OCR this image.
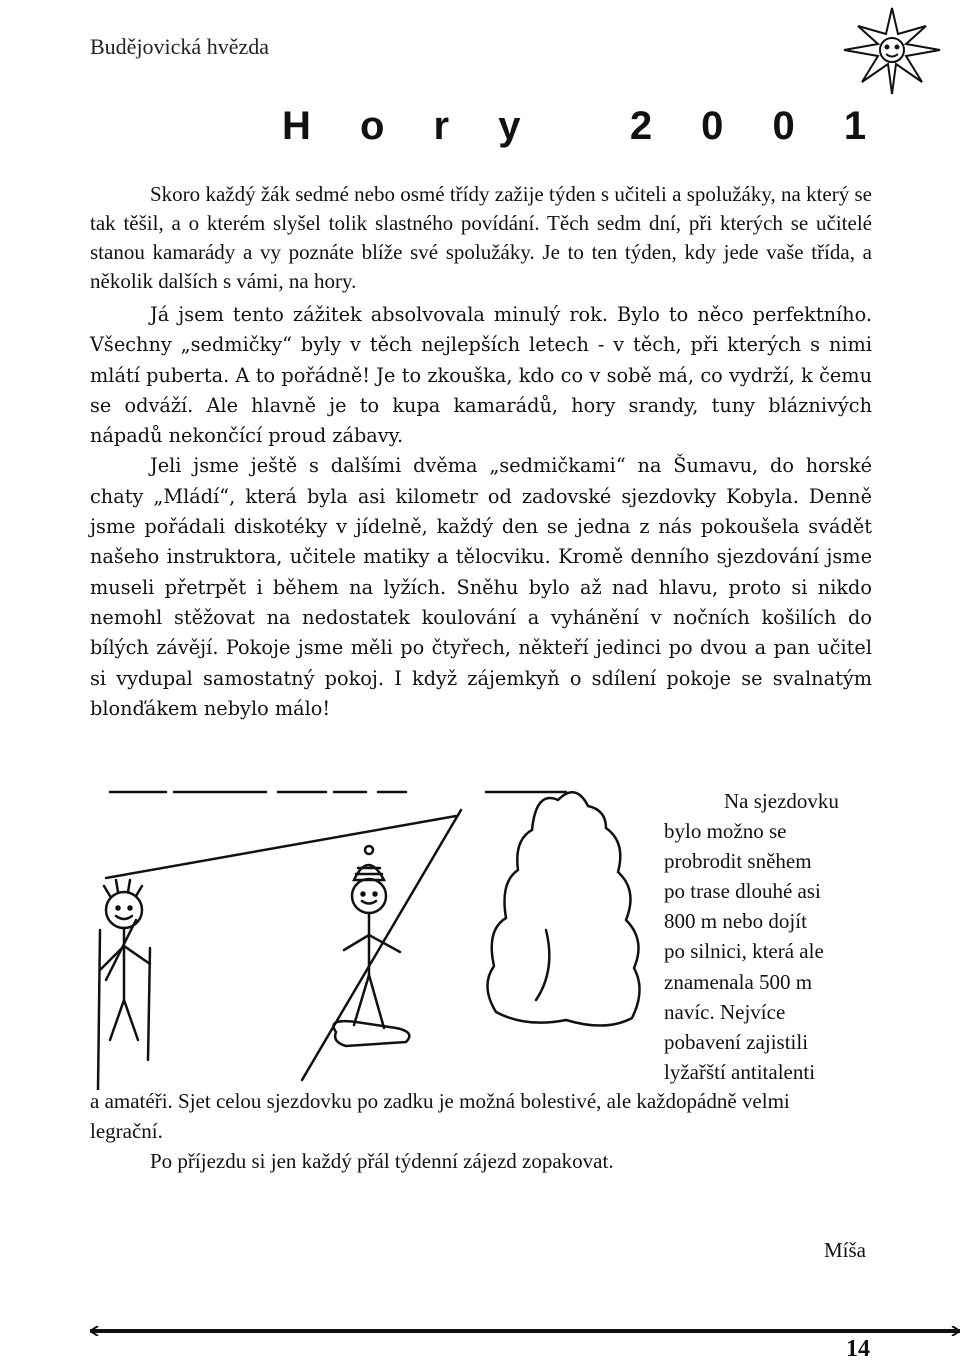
Budějovická hvězda
H o r y   2 0 0 1

Skoro každý žák sedmé nebo osmé třídy zažije týden s učiteli a spolužáky, na který se tak těšil, a o kterém slyšel tolik slastného povídání. Těch sedm dní, při kterých se učitelé stanou kamarády a vy poznáte blíže své spolužáky. Je to ten týden, kdy jede vaše třída, a několik dalších s vámi, na hory.

Já jsem tento zážitek absolvovala minulý rok. Bylo to něco perfektního. Všechny „sedmičky“ byly v těch nejlepších letech - v těch, při kterých s nimi mlátí puberta. A to pořádně! Je to zkouška, kdo co v sobě má, co vydrží, k čemu se odváží. Ale hlavně je to kupa kamarádů, hory srandy, tuny bláznivých nápadů nekončící proud zábavy.

Jeli jsme ještě s dalšími dvěma „sedmičkami“ na Šumavu, do horské chaty „Mládí“, která byla asi kilometr od zadovské sjezdovky Kobyla. Denně jsme pořádali diskotéky v jídelně, každý den se jedna z nás pokoušela svádět našeho instruktora, učitele matiky a tělocviku. Kromě denního sjezdování jsme museli přetrpět i během na lyžích. Sněhu bylo až nad hlavu, proto si nikdo nemohl stěžovat na nedostatek koulování a vyhánění v nočních košilích do bílých závějí. Pokoje jsme měli po čtyřech, někteří jedinci po dvou a pan učitel si vydupal samostatný pokoj. I když zájemkyň o sdílení pokoje se svalnatým blonďákem nebylo málo!

Na sjezdovku

bylo možno se

probrodit sněhem

po trase dlouhé asi

800 m nebo dojít

po silnici, která ale

znamenala 500 m

navíc. Nejvíce

pobavení zajistili

lyžařští antitalenti

a amatéři. Sjet celou sjezdovku po zadku je možná bolestivé, ale každopádně velmi legrační.

Po příjezdu si jen každý přál týdenní zájezd zopakovat.

Míša
14
